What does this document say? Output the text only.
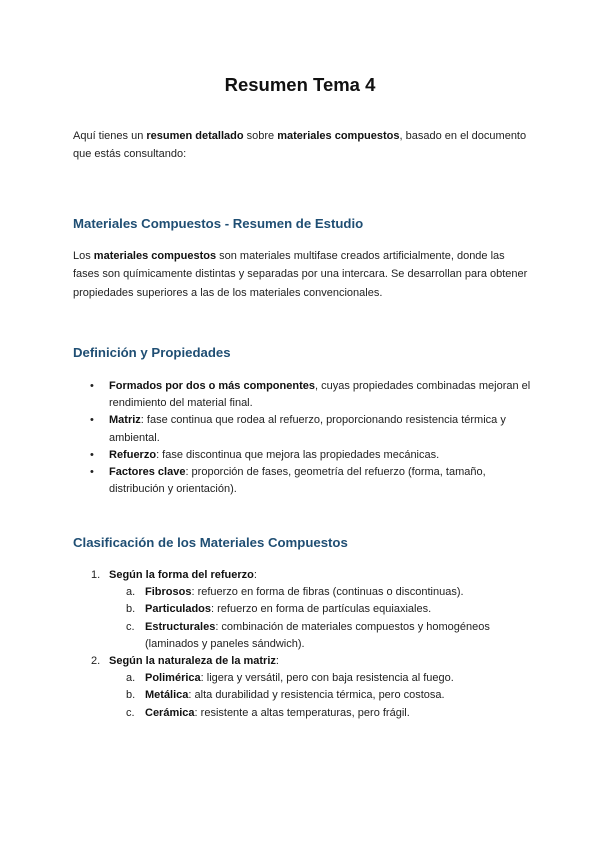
Resumen Tema 4

Aquí tienes un resumen detallado sobre materiales compuestos, basado en el documento que estás consultando:

Materiales Compuestos - Resumen de Estudio

Los materiales compuestos son materiales multifase creados artificialmente, donde las fases son químicamente distintas y separadas por una intercara. Se desarrollan para obtener propiedades superiores a las de los materiales convencionales.

Definición y Propiedades
• Formados por dos o más componentes, cuyas propiedades combinadas mejoran el rendimiento del material final.
• Matriz: fase continua que rodea al refuerzo, proporcionando resistencia térmica y ambiental.
• Refuerzo: fase discontinua que mejora las propiedades mecánicas.
• Factores clave: proporción de fases, geometría del refuerzo (forma, tamaño, distribución y orientación).
Clasificación de los Materiales Compuestos
1. Según la forma del refuerzo:
a. Fibrosos: refuerzo en forma de fibras (continuas o discontinuas).
b. Particulados: refuerzo en forma de partículas equiaxiales.
c. Estructurales: combinación de materiales compuestos y homogéneos (laminados y paneles sándwich).
2. Según la naturaleza de la matriz:
a. Polimérica: ligera y versátil, pero con baja resistencia al fuego.
b. Metálica: alta durabilidad y resistencia térmica, pero costosa.
c. Cerámica: resistente a altas temperaturas, pero frágil.
